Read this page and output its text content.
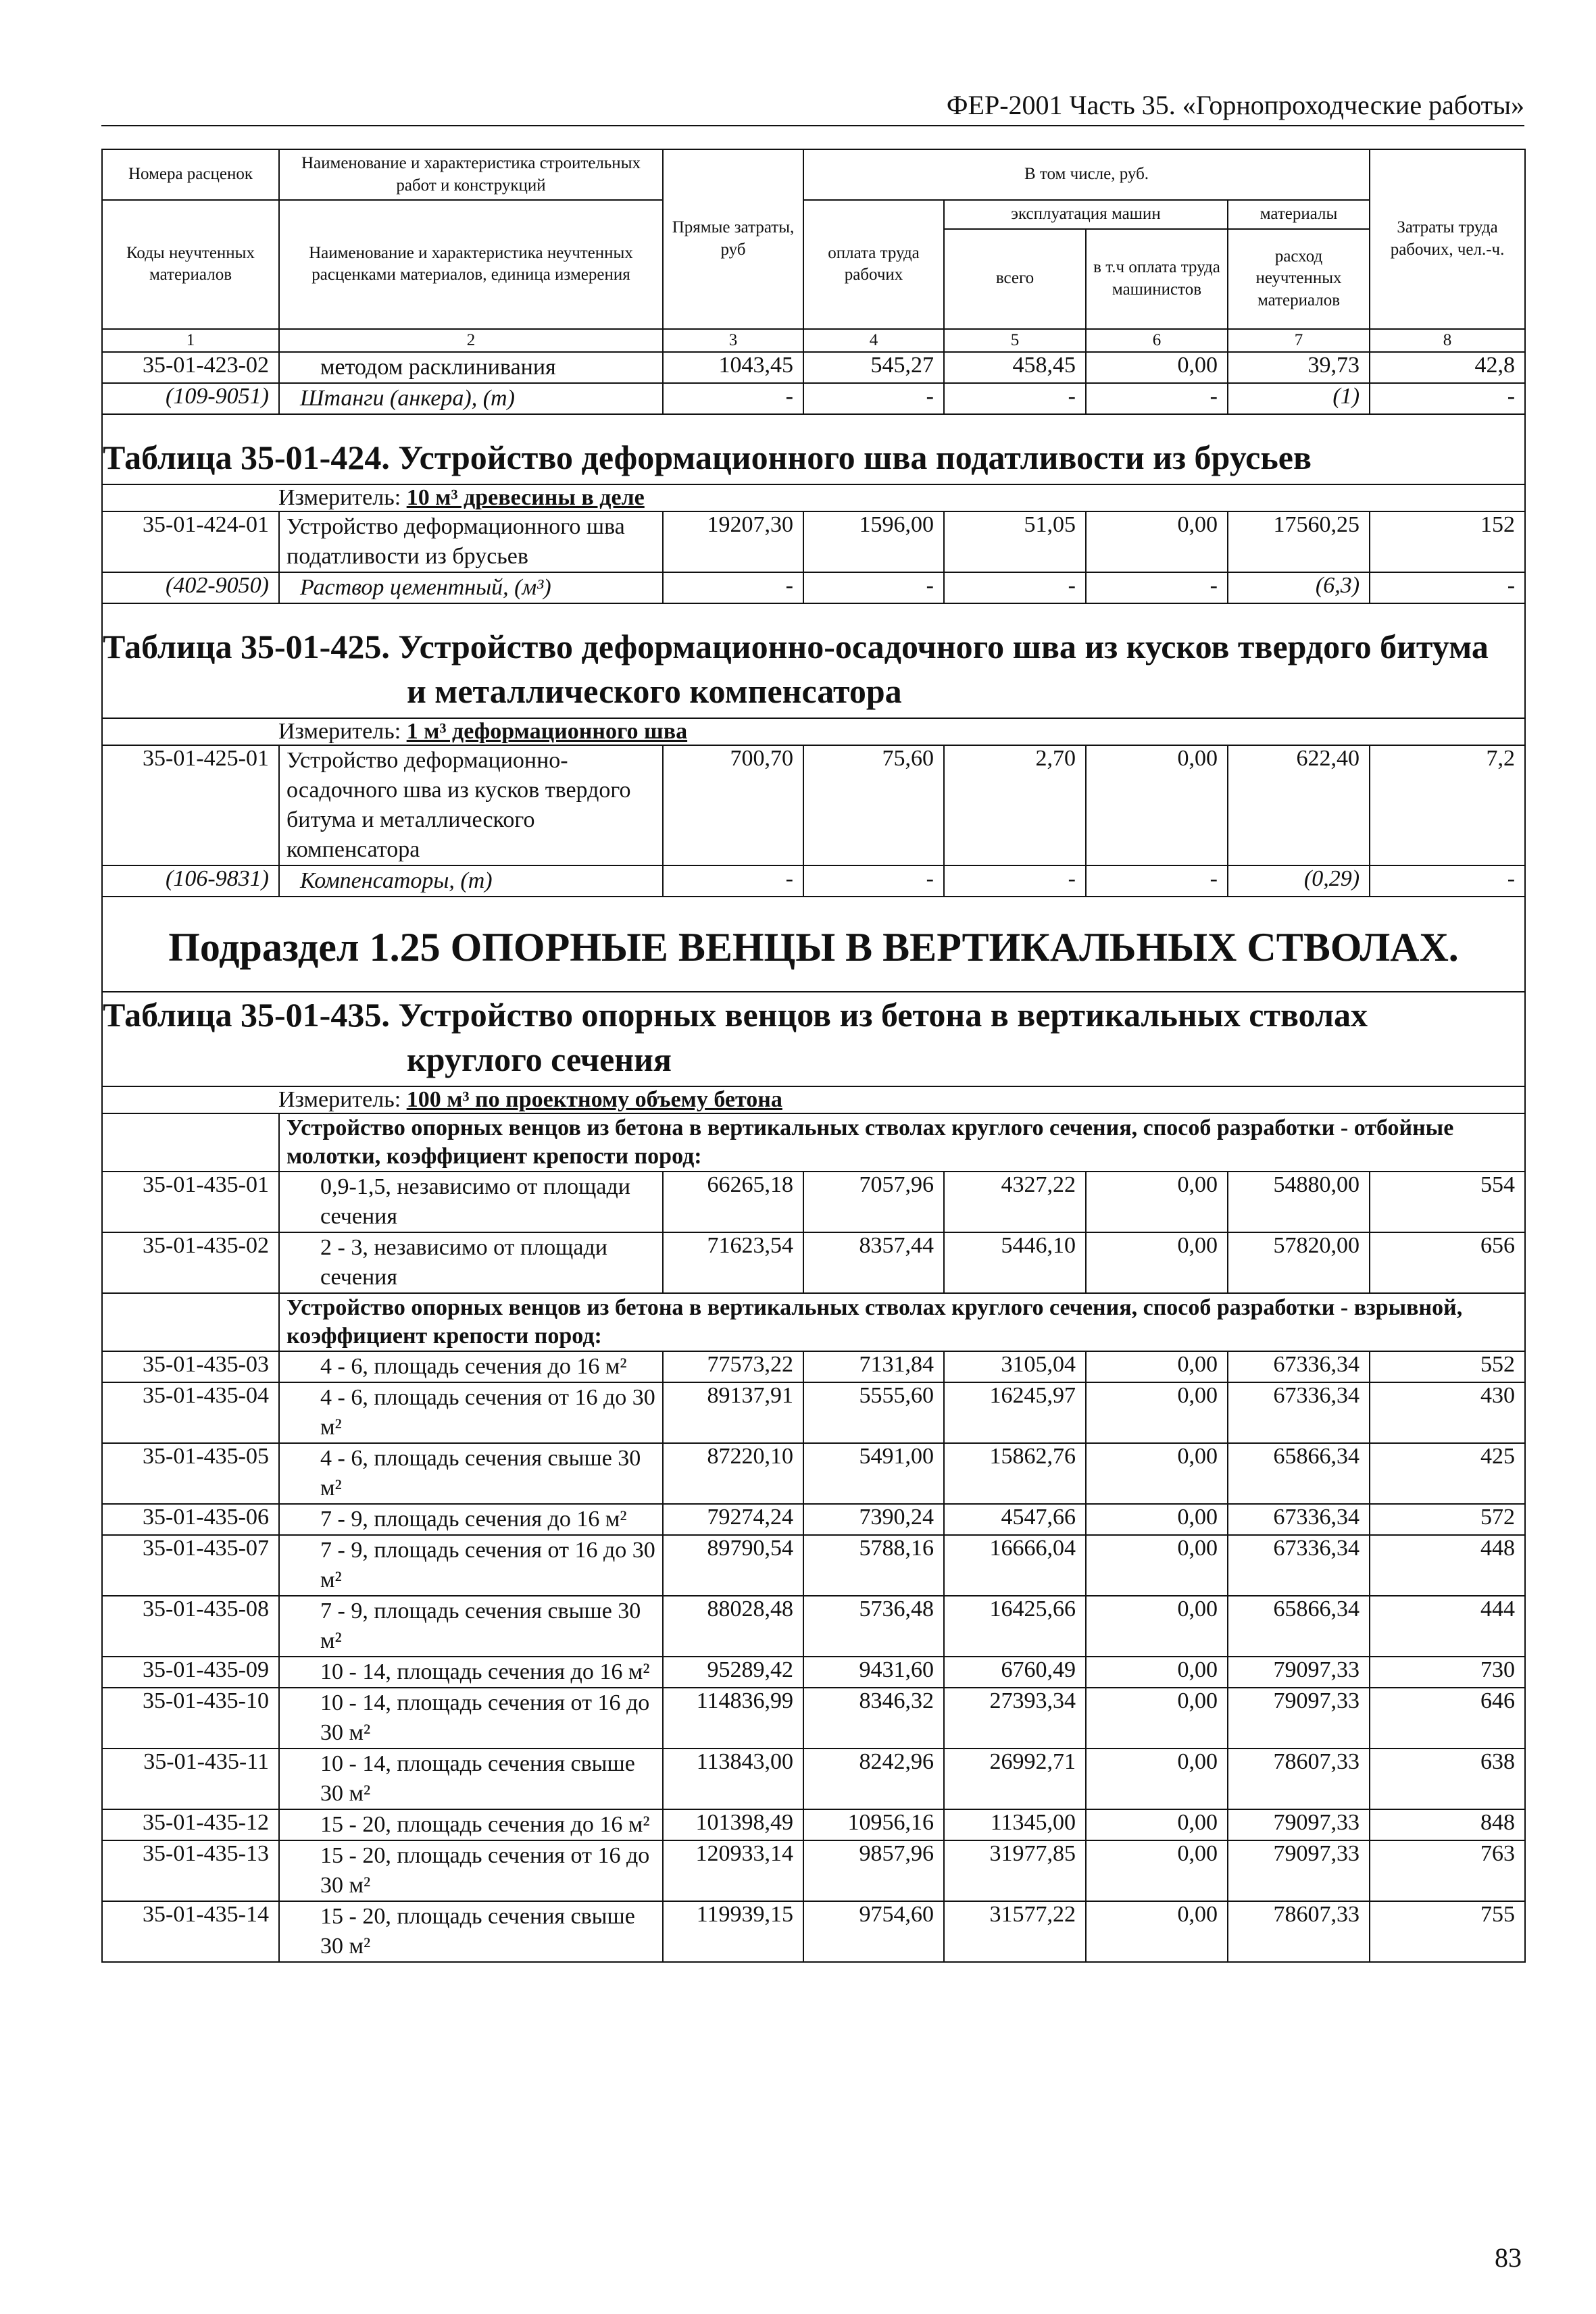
ФЕР-2001 Часть 35. «Горнопроходческие работы»
Номера расценок	Наименование и характеристика строительных работ и конструкций	Прямые затраты, руб	В том числе, руб.				Затраты труда рабочих, чел.-ч.
Коды неучтенных материалов	Наименование и характеристика неучтенных расценками материалов, единица измерения		оплата труда рабочих	эксплуатация машин		материалы	
				всего	в т.ч оплата труда машинистов	расход неучтенных материалов	
1	2	3	4	5	6	7	8
35-01-423-02	методом расклинивания	1043,45	545,27	458,45	0,00	39,73	42,8
(109-9051)	Штанги (анкера), (т)	-	-	-	-	(1)	-
Таблица 35-01-424. Устройство деформационного шва податливости из брусьев							
Измеритель: 10 м³ древесины в деле							
35-01-424-01	Устройство деформационного шва податливости из брусьев	19207,30	1596,00	51,05	0,00	17560,25	152
(402-9050)	Раствор цементный, (м³)	-	-	-	-	(6,3)	-
Таблица 35-01-425. Устройство деформационно-осадочного шва из кусков твердого битума
и металлического компенсатора							

Измеритель: 1 м³ деформационного шва							
35-01-425-01	Устройство деформационно-осадочного шва из кусков твердого битума и металлического компенсатора	700,70	75,60	2,70	0,00	622,40	7,2
(106-9831)	Компенсаторы, (т)	-	-	-	-	(0,29)	-
Подраздел 1.25 ОПОРНЫЕ ВЕНЦЫ В ВЕРТИКАЛЬНЫХ СТВОЛАХ.							
Таблица 35-01-435. Устройство опорных венцов из бетона в вертикальных стволах
круглого сечения							

Измеритель: 100 м³ по проектному объему бетона							
	Устройство опорных венцов из бетона в вертикальных стволах круглого сечения, способ разработки - отбойные молотки, коэффициент крепости пород:						
35-01-435-01	0,9-1,5, независимо от площади сечения	66265,18	7057,96	4327,22	0,00	54880,00	554
35-01-435-02	2 - 3, независимо от площади сечения	71623,54	8357,44	5446,10	0,00	57820,00	656
	Устройство опорных венцов из бетона в вертикальных стволах круглого сечения, способ разработки - взрывной, коэффициент крепости пород:						
35-01-435-03	4 - 6, площадь сечения до 16 м²	77573,22	7131,84	3105,04	0,00	67336,34	552
35-01-435-04	4 - 6, площадь сечения от 16 до 30 м²	89137,91	5555,60	16245,97	0,00	67336,34	430
35-01-435-05	4 - 6, площадь сечения свыше 30 м²	87220,10	5491,00	15862,76	0,00	65866,34	425
35-01-435-06	7 - 9, площадь сечения до 16 м²	79274,24	7390,24	4547,66	0,00	67336,34	572
35-01-435-07	7 - 9, площадь сечения от 16 до 30 м²	89790,54	5788,16	16666,04	0,00	67336,34	448
35-01-435-08	7 - 9, площадь сечения свыше 30 м²	88028,48	5736,48	16425,66	0,00	65866,34	444
35-01-435-09	10 - 14, площадь сечения до 16 м²	95289,42	9431,60	6760,49	0,00	79097,33	730
35-01-435-10	10 - 14, площадь сечения от 16 до 30 м²	114836,99	8346,32	27393,34	0,00	79097,33	646
35-01-435-11	10 - 14, площадь сечения свыше 30 м²	113843,00	8242,96	26992,71	0,00	78607,33	638
35-01-435-12	15 - 20, площадь сечения до 16 м²	101398,49	10956,16	11345,00	0,00	79097,33	848
35-01-435-13	15 - 20, площадь сечения от 16 до 30 м²	120933,14	9857,96	31977,85	0,00	79097,33	763
35-01-435-14	15 - 20, площадь сечения свыше 30 м²	119939,15	9754,60	31577,22	0,00	78607,33	755
83
